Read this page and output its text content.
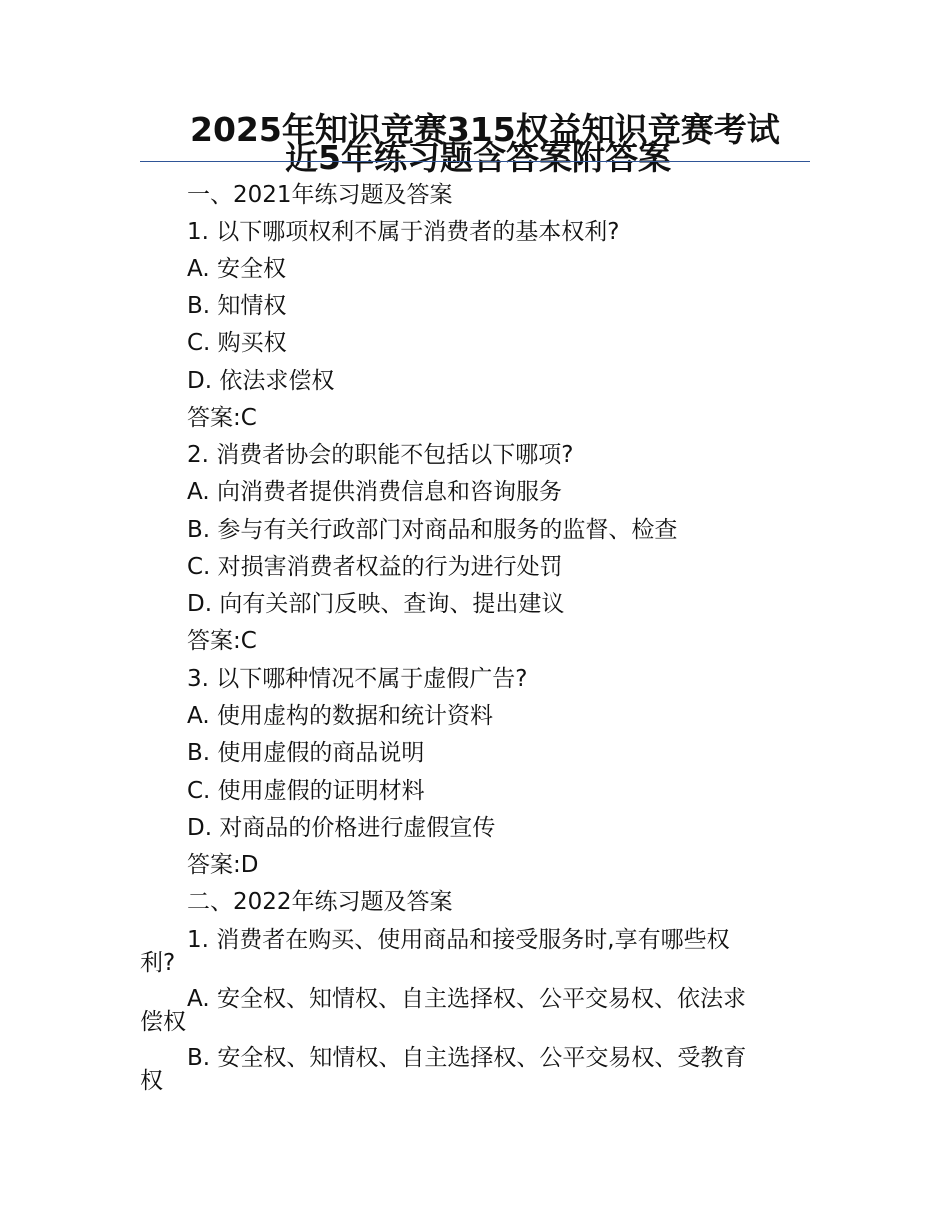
2025年知识竞赛315权益知识竞赛考试
近5年练习题含答案附答案

一、2021年练习题及答案

1. 以下哪项权利不属于消费者的基本权利?

A. 安全权

B. 知情权

C. 购买权

D. 依法求偿权

答案:C

2. 消费者协会的职能不包括以下哪项?

A. 向消费者提供消费信息和咨询服务

B. 参与有关行政部门对商品和服务的监督、检查

C. 对损害消费者权益的行为进行处罚

D. 向有关部门反映、查询、提出建议

答案:C

3. 以下哪种情况不属于虚假广告?

A. 使用虚构的数据和统计资料

B. 使用虚假的商品说明

C. 使用虚假的证明材料

D. 对商品的价格进行虚假宣传

答案:D

二、2022年练习题及答案

1. 消费者在购买、使用商品和接受服务时,享有哪些权

利?

A. 安全权、知情权、自主选择权、公平交易权、依法求

偿权

B. 安全权、知情权、自主选择权、公平交易权、受教育

权
